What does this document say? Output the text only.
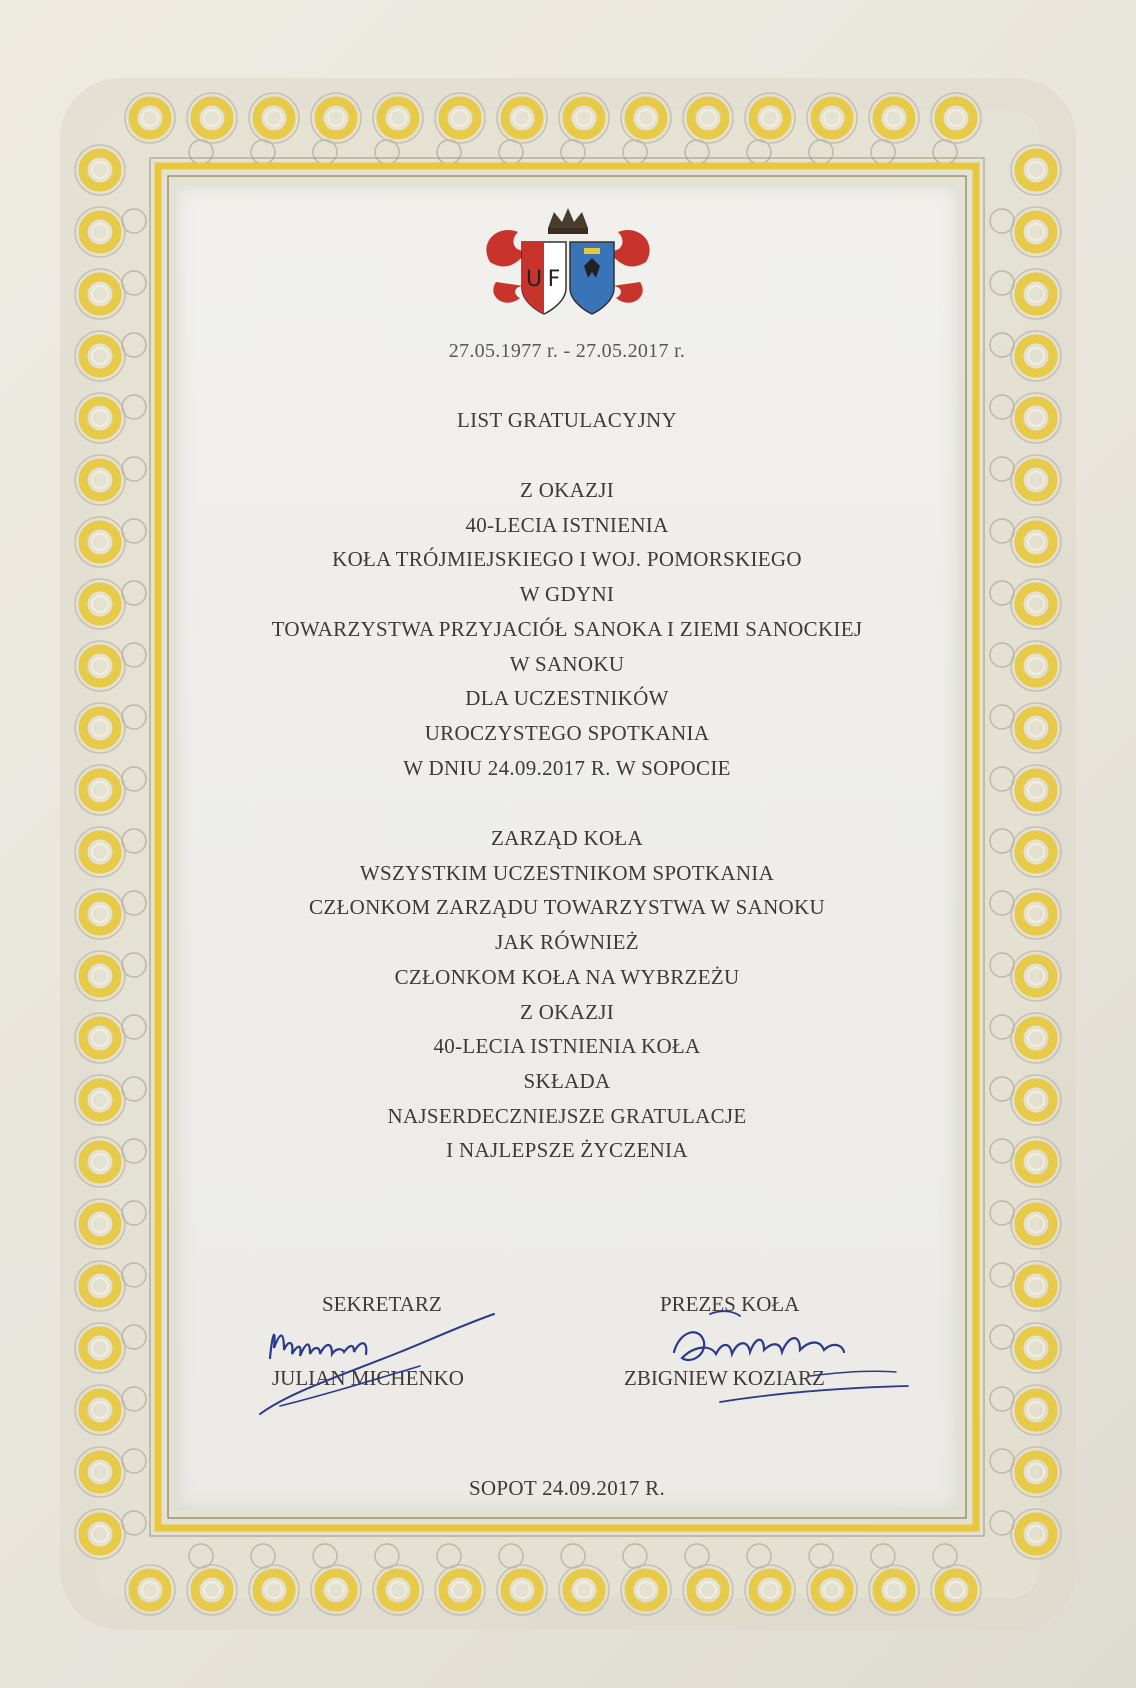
U F
27.05.1977 r. - 27.05.2017 r.
LIST GRATULACYJNY
Z OKAZJI
40-LECIA ISTNIENIA
KOŁA TRÓJMIEJSKIEGO I WOJ. POMORSKIEGO
W GDYNI
TOWARZYSTWA PRZYJACIÓŁ SANOKA I ZIEMI SANOCKIEJ
W SANOKU
DLA UCZESTNIKÓW
UROCZYSTEGO SPOTKANIA
W DNIU 24.09.2017 R. W SOPOCIE
ZARZĄD KOŁA
WSZYSTKIM UCZESTNIKOM SPOTKANIA
CZŁONKOM ZARZĄDU TOWARZYSTWA W SANOKU
JAK RÓWNIEŻ
CZŁONKOM KOŁA NA WYBRZEŻU
Z OKAZJI
40-LECIA ISTNIENIA KOŁA
SKŁADA
NAJSERDECZNIEJSZE GRATULACJE
I NAJLEPSZE ŻYCZENIA
SEKRETARZ
JULIAN MICHENKO
PREZES KOŁA
ZBIGNIEW KOZIARZ
SOPOT 24.09.2017 R.
